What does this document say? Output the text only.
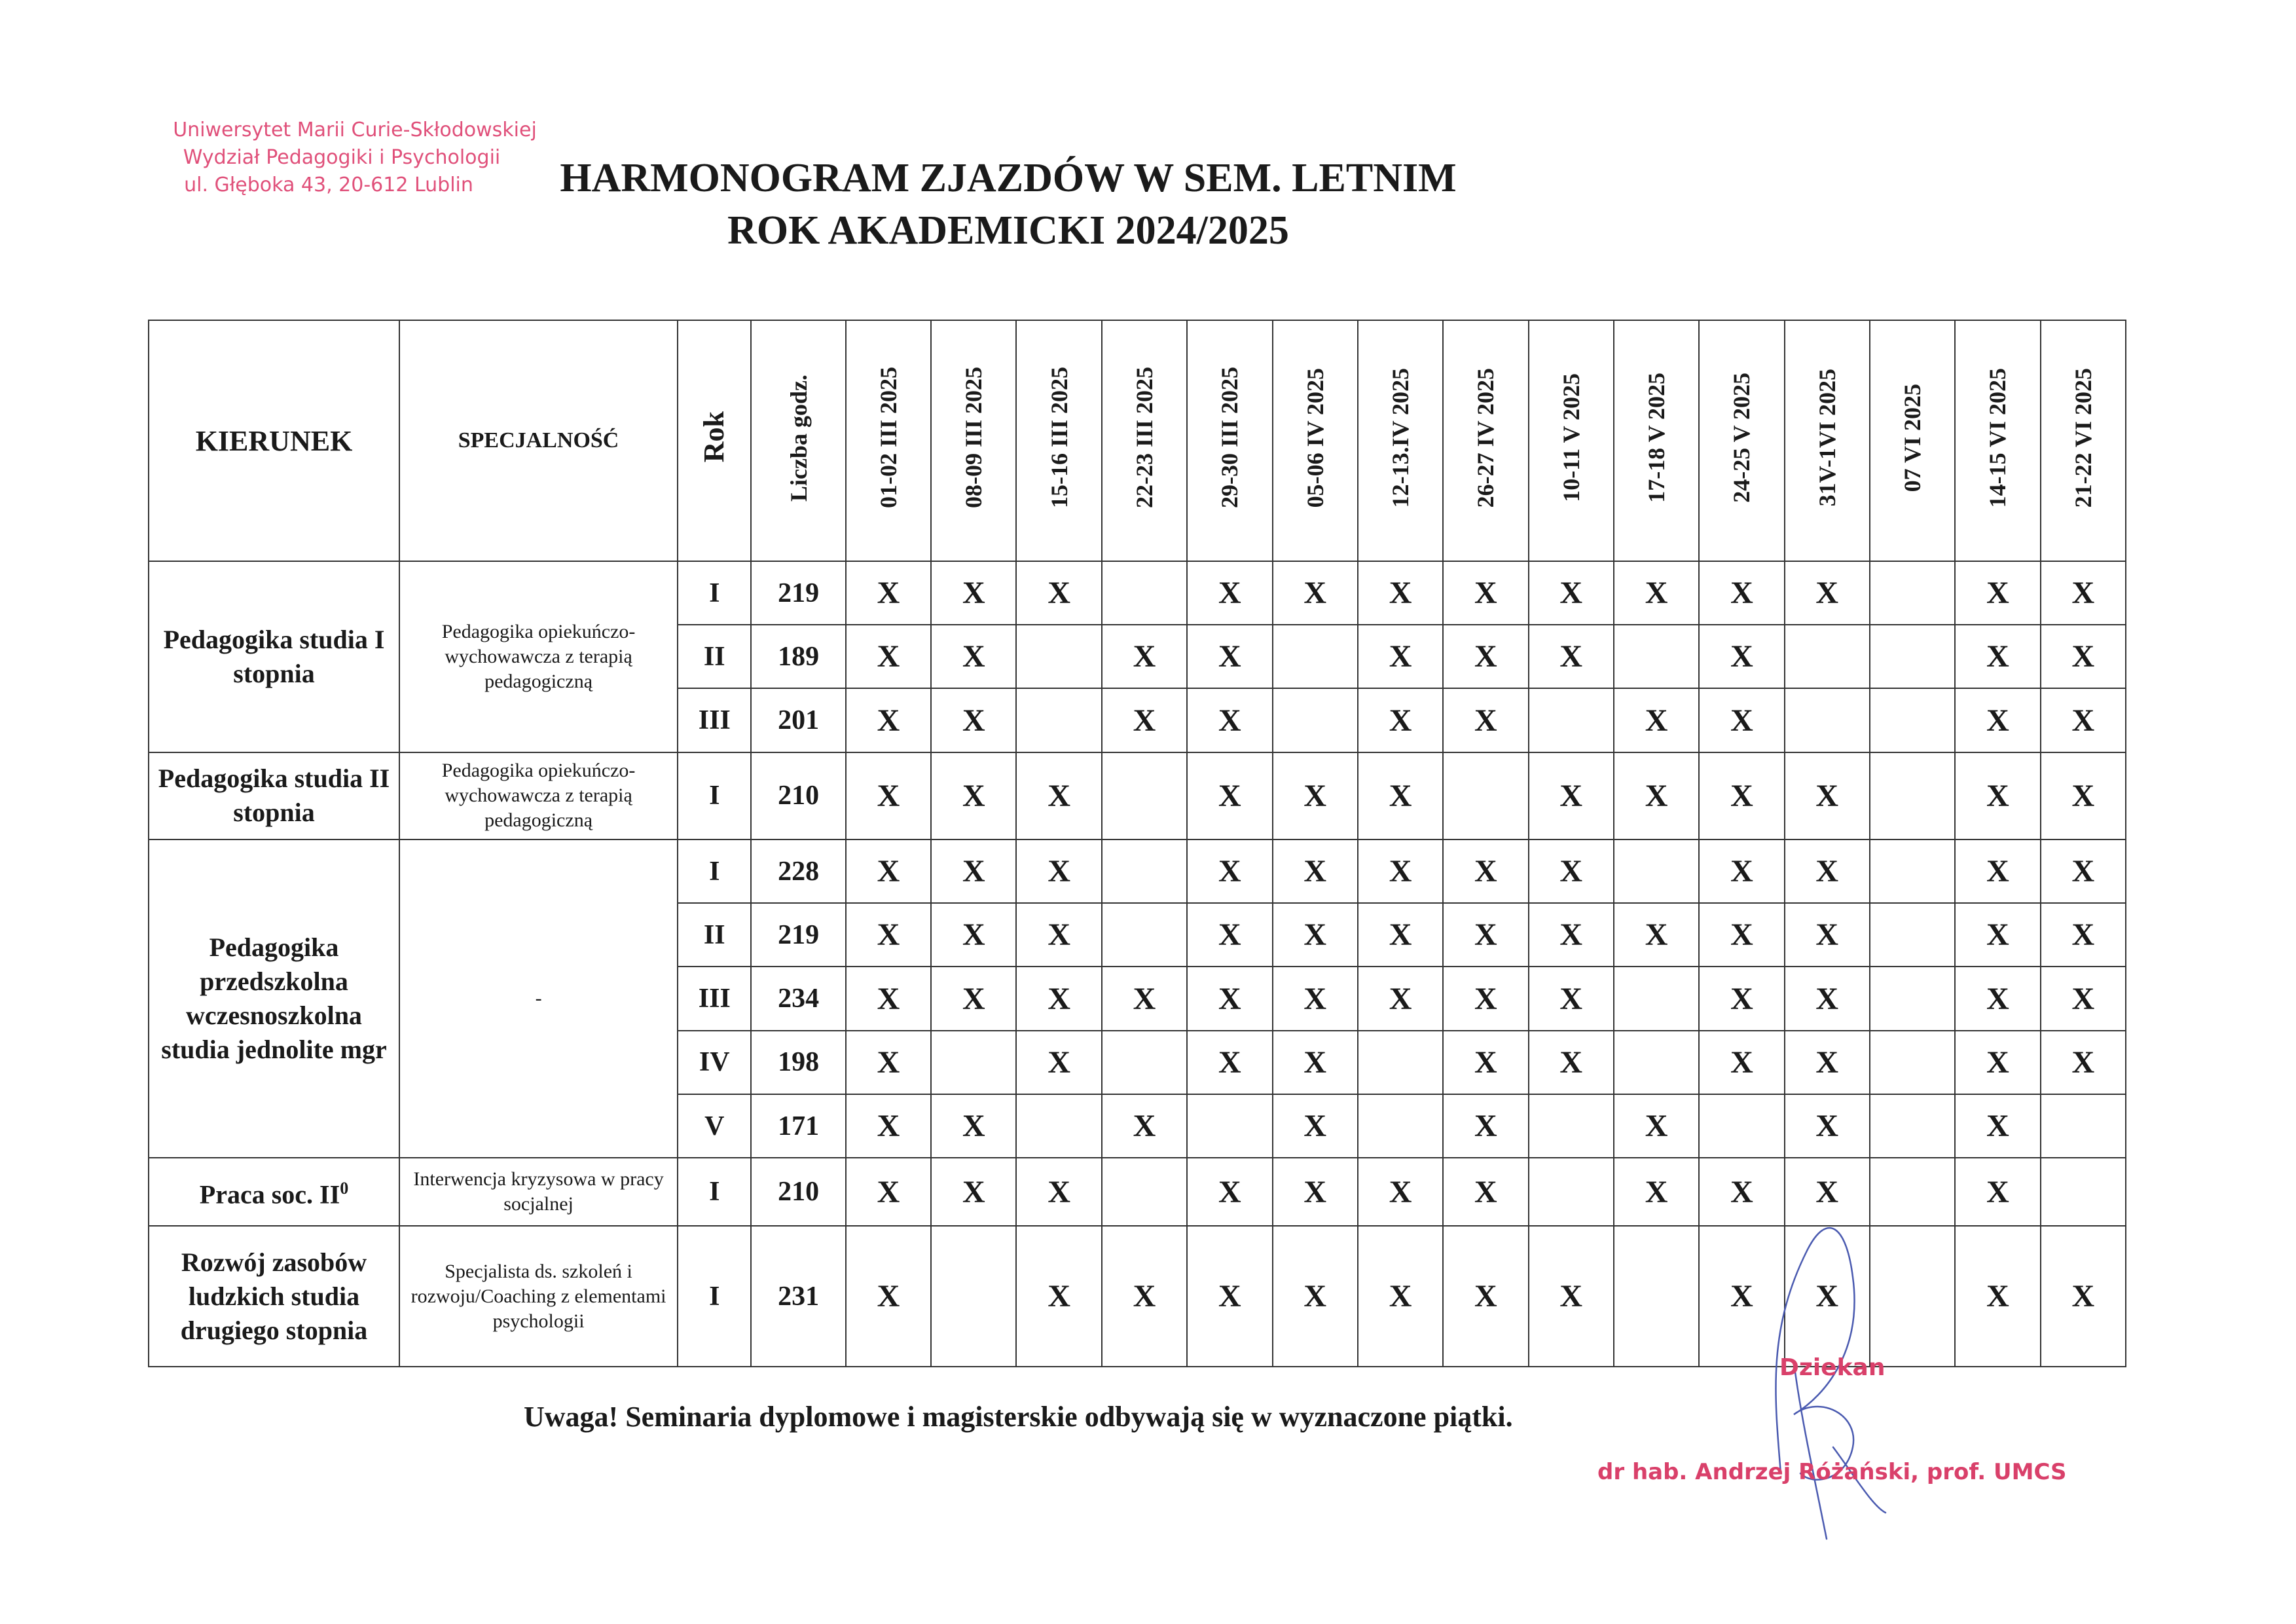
Uniwersytet Marii Curie-Skłodowskiej
Wydział Pedagogiki i Psychologii
ul. Głęboka 43, 20-612 Lublin	HARMONOGRAM ZJAZDÓW W SEM. LETNIM
ROK AKADEMICKI 2024/2025
KIERUNEK	SPECJALNOŚĆ	Rok	Liczba godz.	01-02 III 2025	08-09 III 2025	15-16 III 2025	22-23 III 2025	29-30 III 2025	05-06 IV 2025	12-13.IV 2025	26-27 IV 2025	10-11 V 2025	17-18 V 2025	24-25 V 2025	31V-1VI 2025	07 VI 2025	14-15 VI 2025	21-22 VI 2025
Pedagogika studia I stopnia	Pedagogika opiekuńczo-wychowawcza z terapią pedagogiczną	I	219	X	X	X		X	X	X	X	X	X	X	X		X	X
		II	189	X	X		X	X		X	X	X		X			X	X
		III	201	X	X		X	X		X	X		X	X			X	X
Pedagogika studia II stopnia	Pedagogika opiekuńczo-wychowawcza z terapią pedagogiczną	I	210	X	X	X		X	X	X		X	X	X	X		X	X
Pedagogika przedszkolna wczesnoszkolna studia jednolite mgr	-	I	228	X	X	X		X	X	X	X	X		X	X		X	X
		II	219	X	X	X		X	X	X	X	X	X	X	X		X	X
		III	234	X	X	X	X	X	X	X	X	X		X	X		X	X
		IV	198	X		X		X	X		X	X		X	X		X	X
		V	171	X	X		X		X		X		X		X		X	
Praca soc. $II^0$	Interwencja kryzysowa w pracy socjalnej	I	210	X	X	X		X	X	X	X		X	X	X		X	
Rozwój zasobów ludzkich studia drugiego stopnia	Specjalista ds. szkoleń i rozwoju/Coaching z elementami psychologii	I	231	X		X	X	X	X	X	X	X		X	X		X	X
Uwaga! Seminaria dyplomowe i magisterskie odbywają się w wyznaczone piątki.
Dziekan
dr hab. Andrzej Różański, prof. UMCS
